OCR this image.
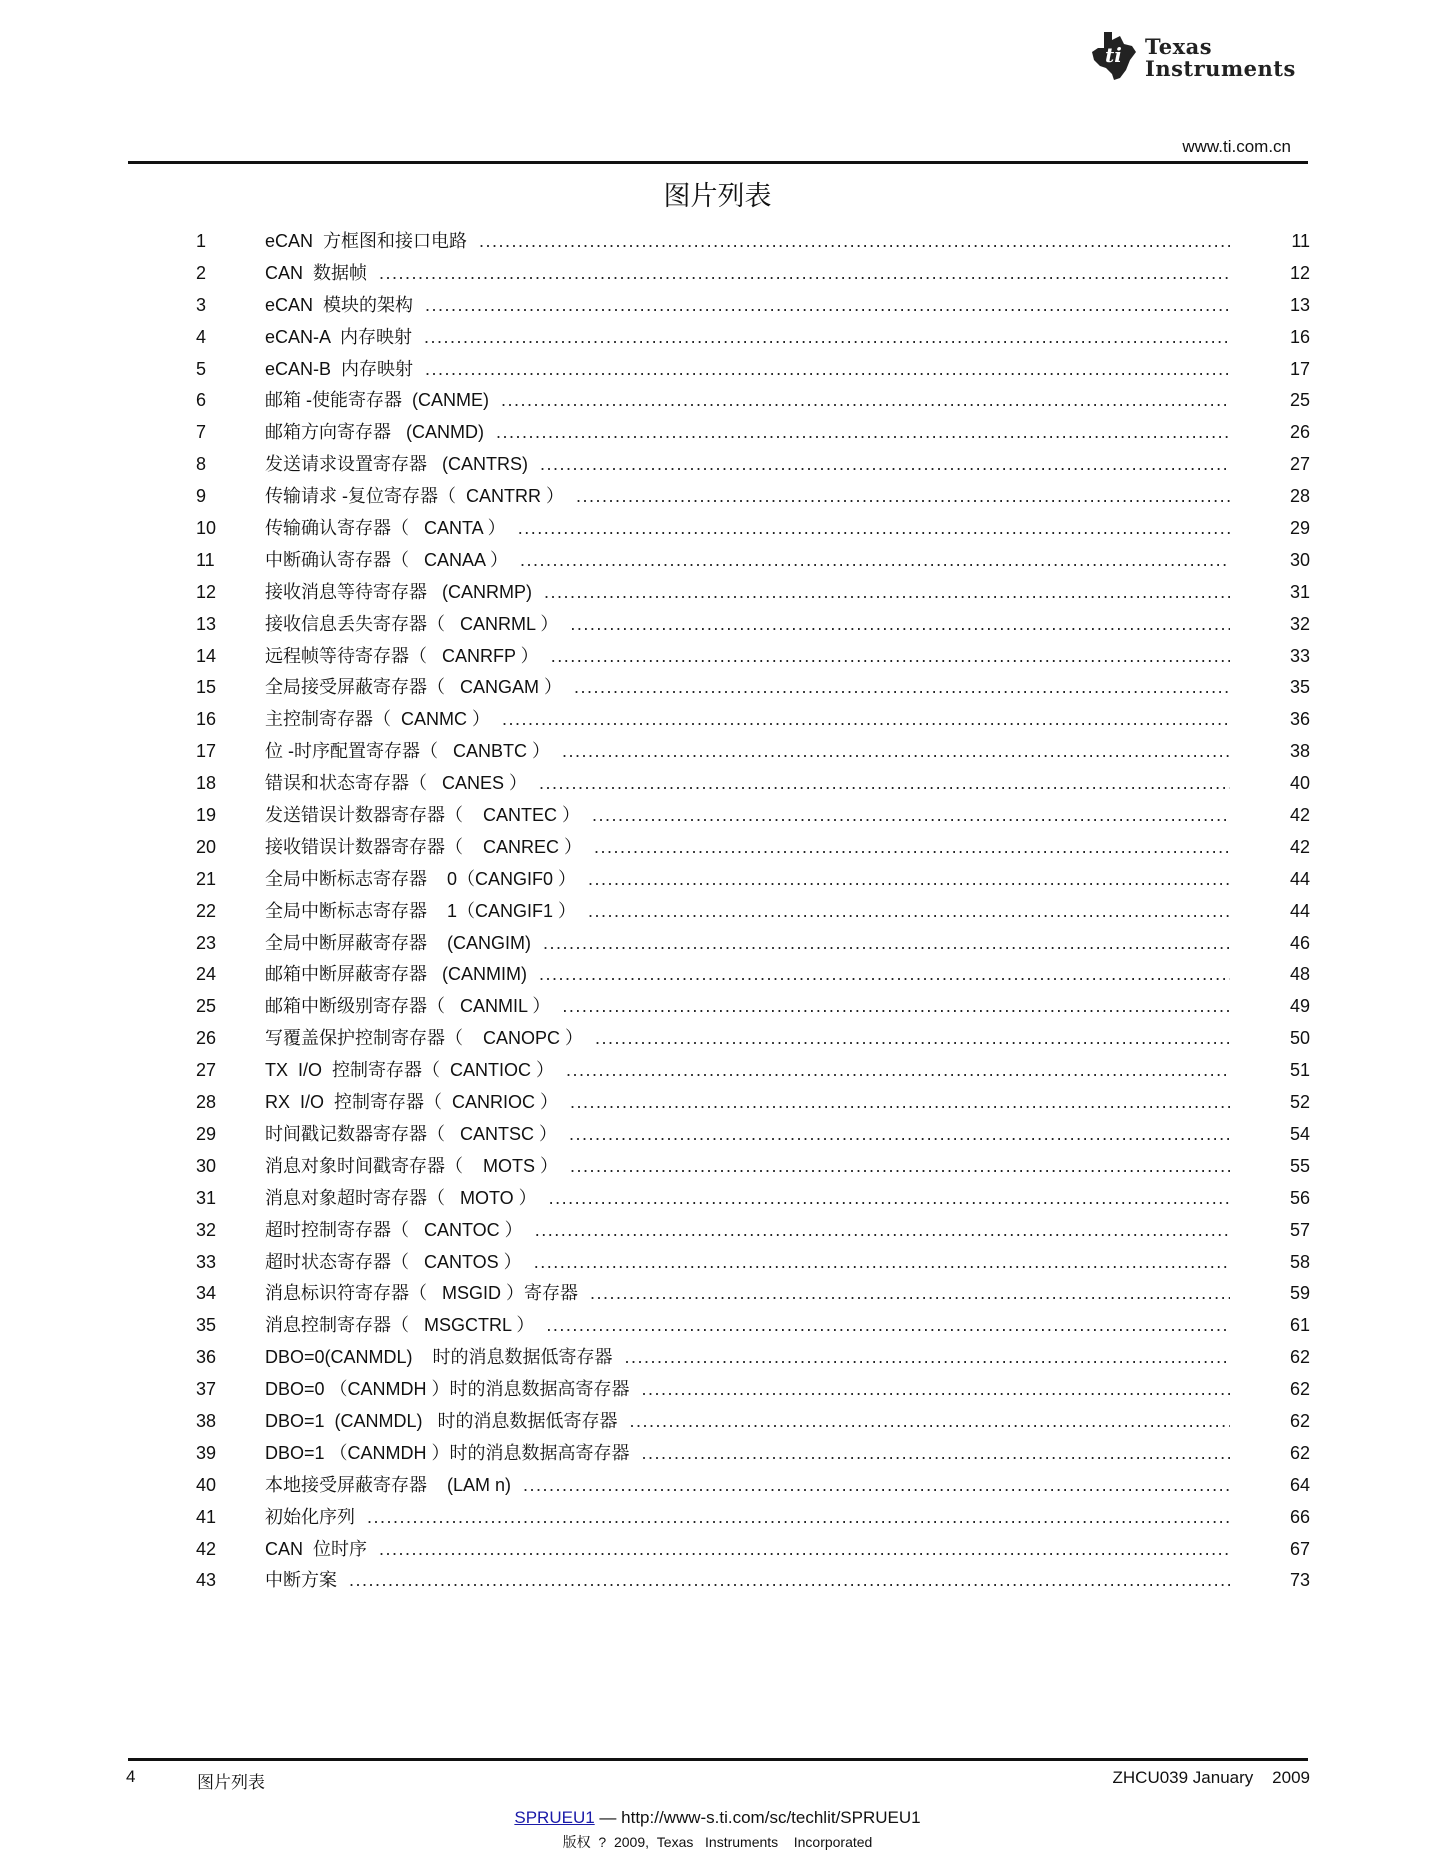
ti Texas
Instruments
www.ti.com.cn
图片列表
1	eCAN  方框图和接口电路 .....	11
2	CAN  数据帧 .....	12
3	eCAN  模块的架构 .....	13
4	eCAN-A  内存映射 .....	16
5	eCAN-B  内存映射 .....	17
6	邮箱 -使能寄存器  (CANME) .....	25
7	邮箱方向寄存器   (CANMD) .....	26
8	发送请求设置寄存器   (CANTRS) .....	27
9	传输请求 -复位寄存器（  CANTRR ） .....	28
10	传输确认寄存器（   CANTA ） .....	29
11	中断确认寄存器（   CANAA ） .....	30
12	接收消息等待寄存器   (CANRMP) .....	31
13	接收信息丢失寄存器（   CANRML ） .....	32
14	远程帧等待寄存器（   CANRFP ） .....	33
15	全局接受屏蔽寄存器（   CANGAM ） .....	35
16	主控制寄存器（  CANMC ） .....	36
17	位 -时序配置寄存器（   CANBTC ） .....	38
18	错误和状态寄存器（   CANES ） .....	40
19	发送错误计数器寄存器（    CANTEC ） .....	42
20	接收错误计数器寄存器（    CANREC ） .....	42
21	全局中断标志寄存器    0（CANGIF0 ） .....	44
22	全局中断标志寄存器    1（CANGIF1 ） .....	44
23	全局中断屏蔽寄存器    (CANGIM) .....	46
24	邮箱中断屏蔽寄存器   (CANMIM) .....	48
25	邮箱中断级别寄存器（   CANMIL ） .....	49
26	写覆盖保护控制寄存器（    CANOPC ） .....	50
27	TX  I/O  控制寄存器（  CANTIOC ） .....	51
28	RX  I/O  控制寄存器（  CANRIOC ） .....	52
29	时间戳记数器寄存器（   CANTSC ） .....	54
30	消息对象时间戳寄存器（    MOTS ） .....	55
31	消息对象超时寄存器（   MOTO ） .....	56
32	超时控制寄存器（   CANTOC ） .....	57
33	超时状态寄存器（   CANTOS ） .....	58
34	消息标识符寄存器（   MSGID ）寄存器 .....	59
35	消息控制寄存器（   MSGCTRL ） .....	61
36	DBO=0(CANMDL)    时的消息数据低寄存器 .....	62
37	DBO=0 （CANMDH ）时的消息数据高寄存器 .....	62
38	DBO=1  (CANMDL)   时的消息数据低寄存器 .....	62
39	DBO=1 （CANMDH ）时的消息数据高寄存器 .....	62
40	本地接受屏蔽寄存器    (LAM n) .....	64
41	初始化序列 .....	66
42	CAN  位时序 .....	67
43	中断方案 .....	73
4	图片列表	ZHCU039 January    2009
SPRUEU1 — http://www-s.ti.com/sc/techlit/SPRUEU1
版权  ?  2009,  Texas   Instruments    Incorporated
